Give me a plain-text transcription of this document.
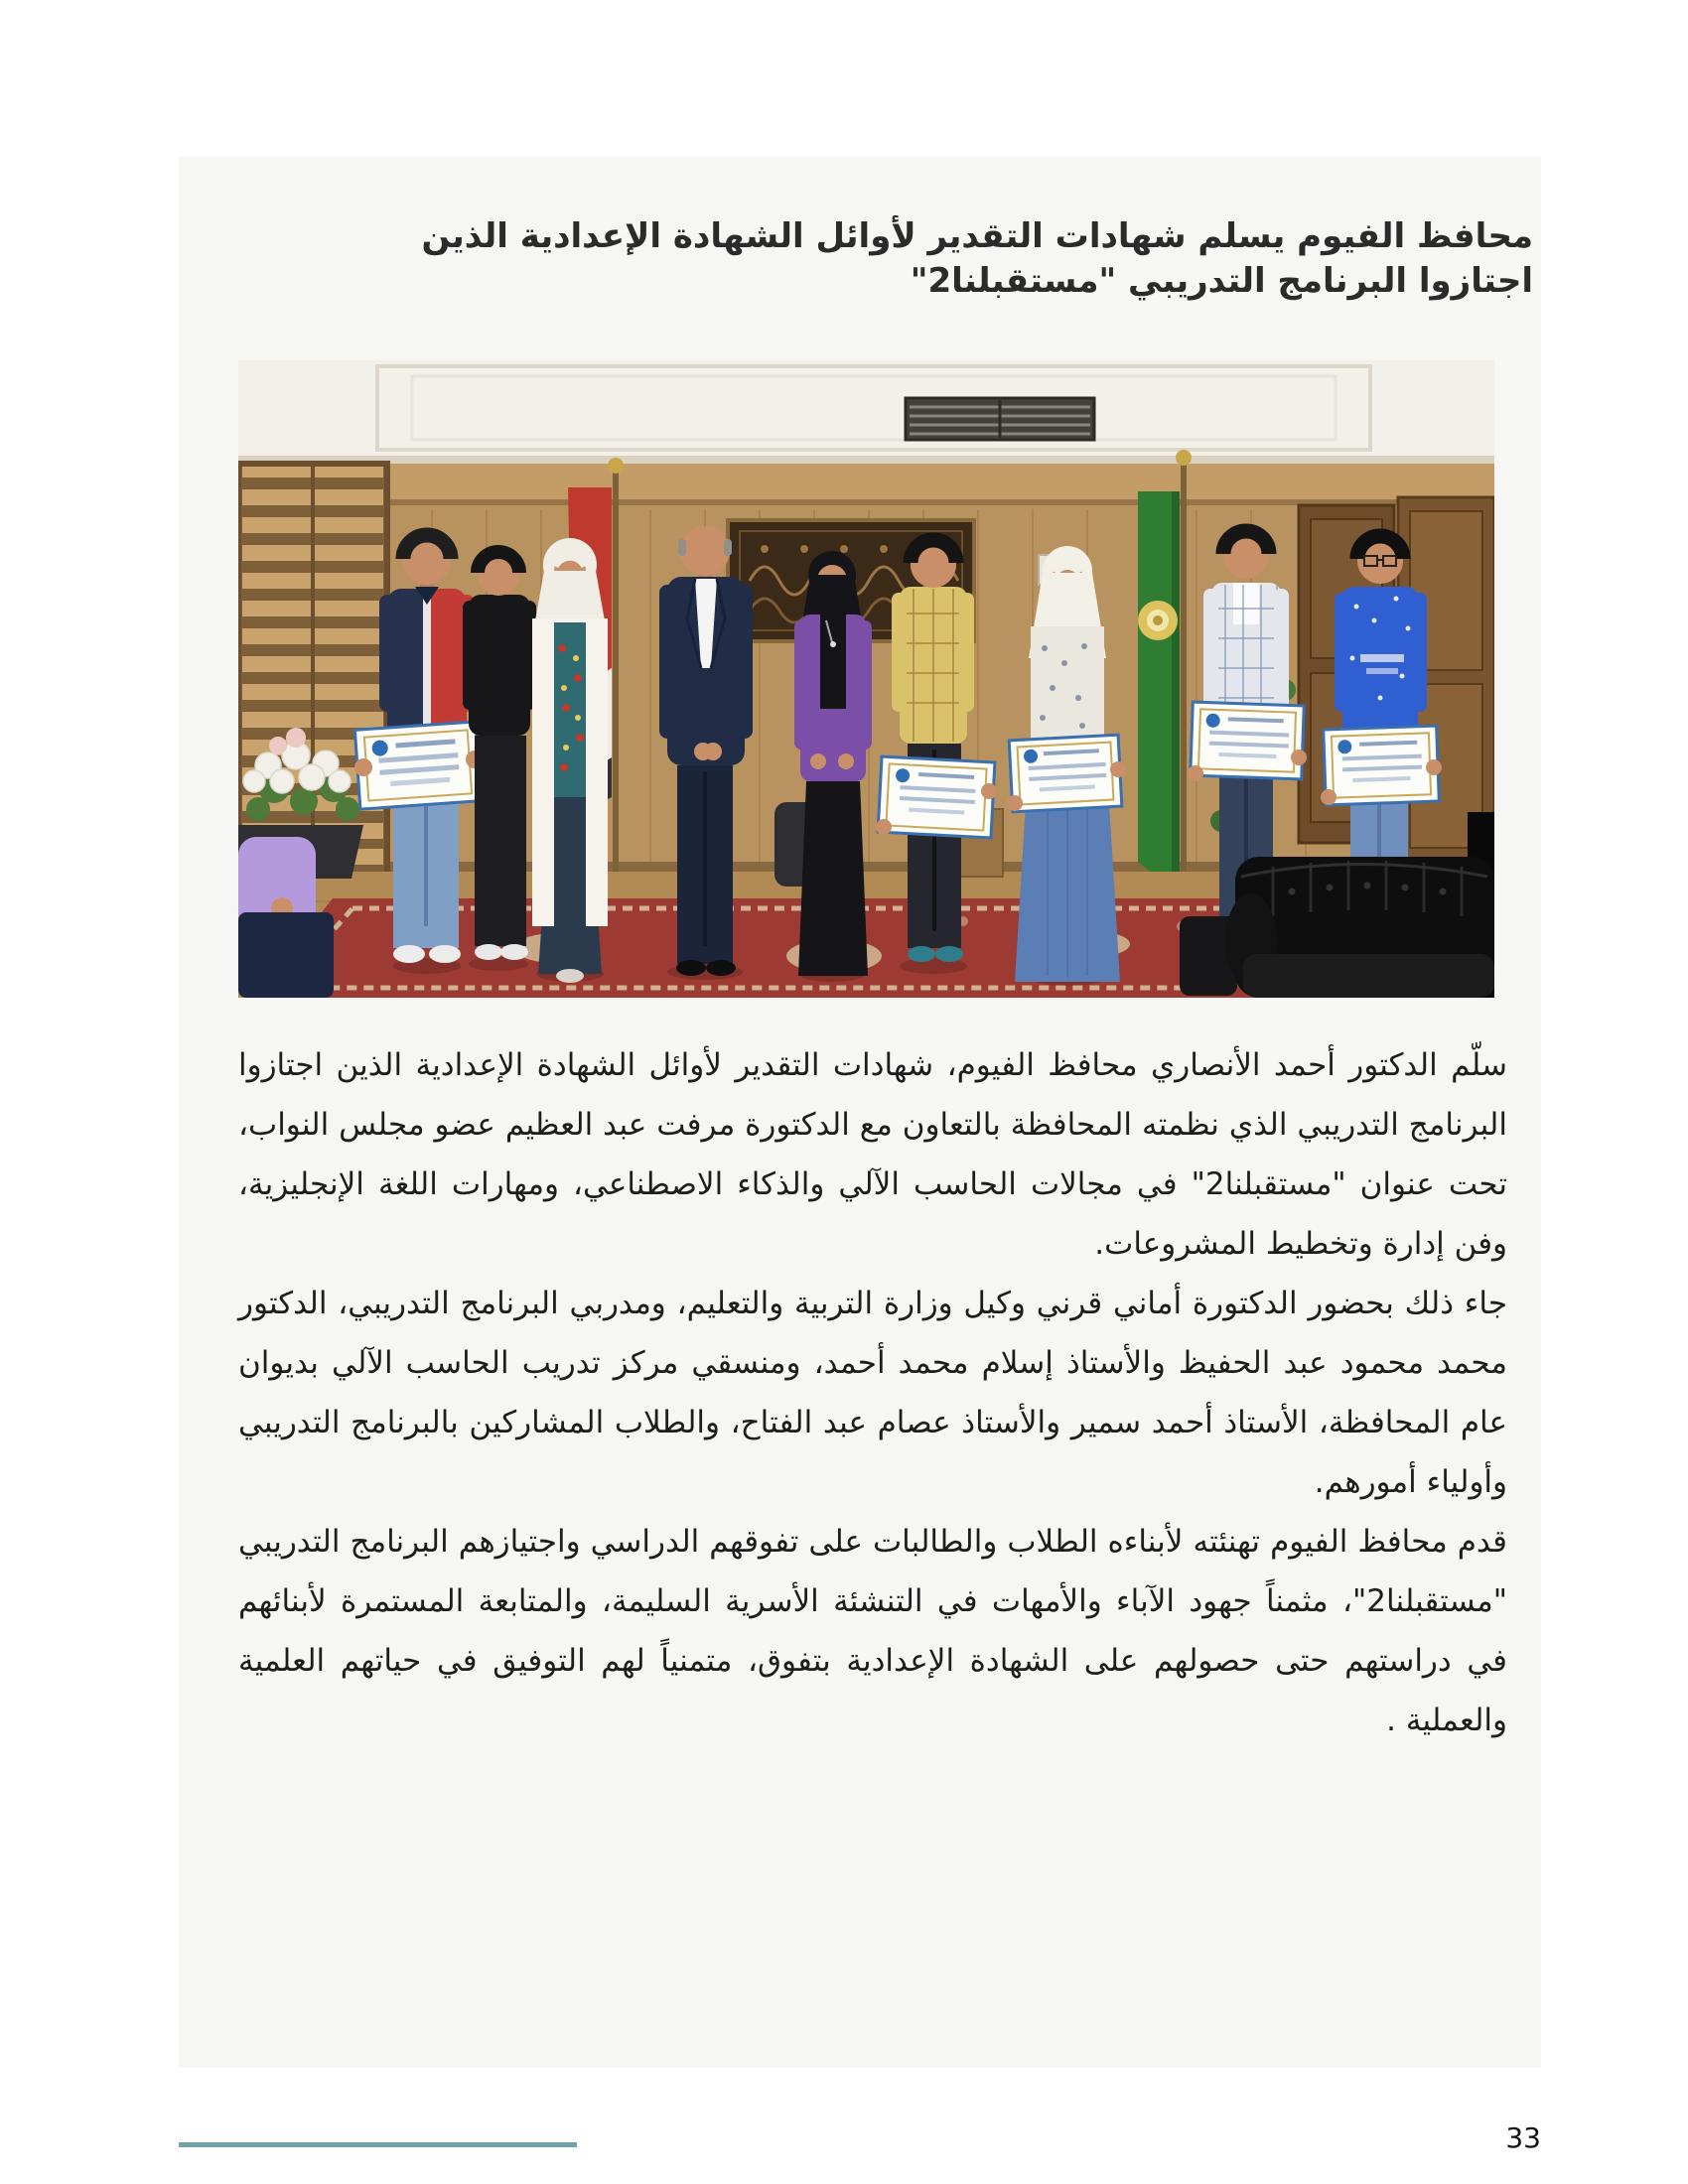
محافظ الفيوم يسلم شهادات التقدير لأوائل الشهادة الإعدادية الذين
اجتازوا البرنامج التدريبي "مستقبلنا2"

سلّم الدكتور أحمد الأنصاري محافظ الفيوم، شهادات التقدير لأوائل الشهادة الإعدادية الذين اجتازوا البرنامج التدريبي الذي نظمته المحافظة بالتعاون مع الدكتورة مرفت عبد العظيم عضو مجلس النواب، تحت عنوان "مستقبلنا2" في مجالات الحاسب الآلي والذكاء الاصطناعي، ومهارات اللغة الإنجليزية، وفن إدارة وتخطيط المشروعات.

جاء ذلك بحضور الدكتورة أماني قرني وكيل وزارة التربية والتعليم، ومدربي البرنامج التدريبي، الدكتور محمد محمود عبد الحفيظ والأستاذ إسلام محمد أحمد، ومنسقي مركز تدريب الحاسب الآلي بديوان عام المحافظة، الأستاذ أحمد سمير والأستاذ عصام عبد الفتاح، والطلاب المشاركين بالبرنامج التدريبي وأولياء أمورهم.

قدم محافظ الفيوم تهنئته لأبناءه الطلاب والطالبات على تفوقهم الدراسي واجتيازهم البرنامج التدريبي "مستقبلنا2"، مثمناً جهود الآباء والأمهات في التنشئة الأسرية السليمة، والمتابعة المستمرة لأبنائهم في دراستهم حتى حصولهم على الشهادة الإعدادية بتفوق، متمنياً لهم التوفيق في حياتهم العلمية والعملية .

33
